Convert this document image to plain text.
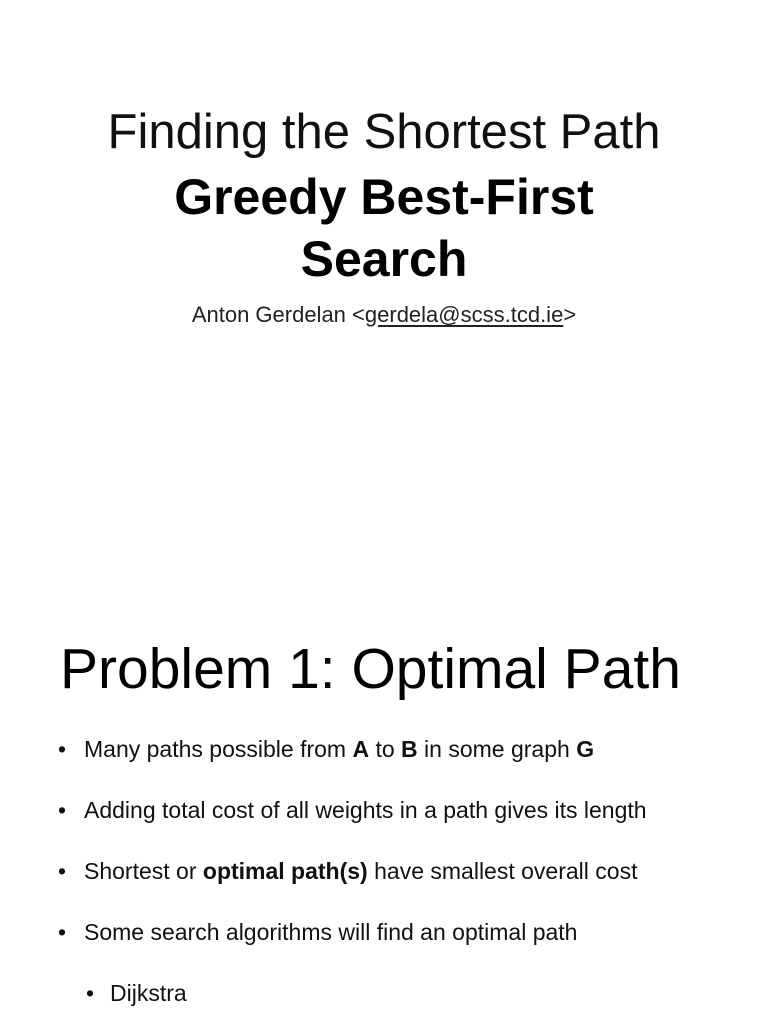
Finding the Shortest Path
Greedy Best-First
Search
Anton Gerdelan <gerdela@scss.tcd.ie>
Problem 1: Optimal Path
• Many paths possible from A to B in some graph G
• Adding total cost of all weights in a path gives its length
• Shortest or optimal path(s) have smallest overall cost
• Some search algorithms will find an optimal path
• Dijkstra
